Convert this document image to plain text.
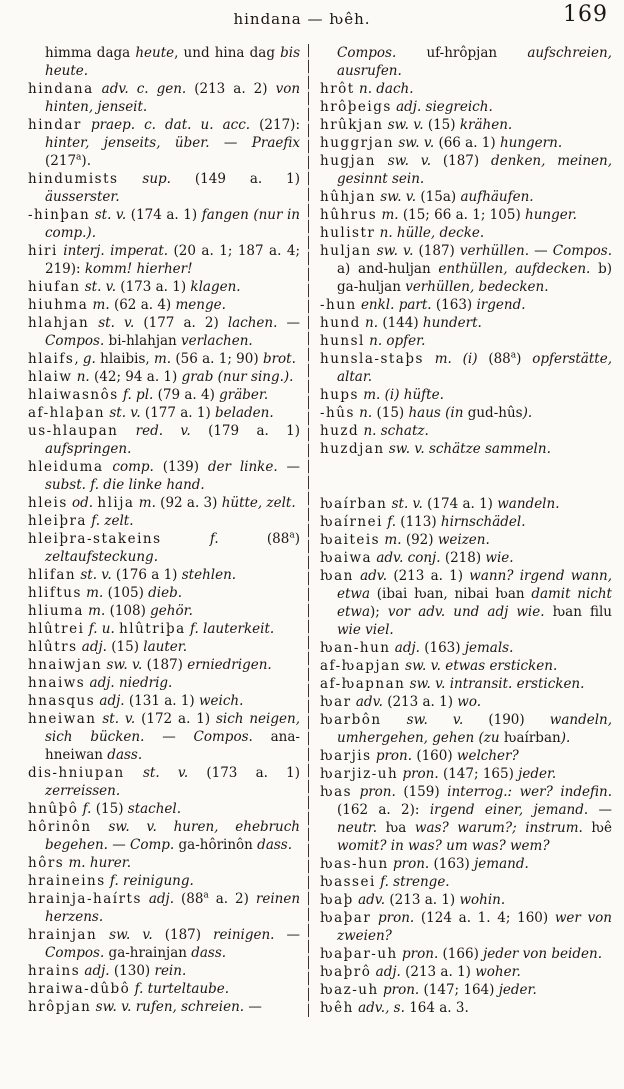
hindana — ƕêh.	169

himma daga heute, und hina dag bis heute.

hindana adv. c. gen. (213 a. 2) von hinten, jenseit.

hindar praep. c. dat. u. acc. (217): hinter, jenseits, über. — Praefix (217$^a$).

hindumists sup. (149 a. 1) äusserster.

-hinþan st. v. (174 a. 1) fangen (nur in comp.).

hiri interj. imperat. (20 a. 1; 187 a. 4; 219): komm! hierher!

hiufan st. v. (173 a. 1) klagen.

hiuhma m. (62 a. 4) menge.

hlahjan st. v. (177 a. 2) lachen. — Compos. bi-hlahjan verlachen.

hlaifs, g. hlaibis, m. (56 a. 1; 90) brot.

hlaiw n. (42; 94 a. 1) grab (nur sing.).

hlaiwasnôs f. pl. (79 a. 4) gräber.

af-hlaþan st. v. (177 a. 1) beladen.

us-hlaupan red. v. (179 a. 1) aufspringen.

hleiduma comp. (139) der linke. — subst. f. die linke hand.

hleis od. hlija m. (92 a. 3) hütte, zelt.

hleiþra f. zelt.

hleiþra-stakeins f. (88$^a$) zeltaufsteckung.

hlifan st. v. (176 a 1) stehlen.

hliftus m. (105) dieb.

hliuma m. (108) gehör.

hlûtrei f. u. hlûtriþa f. lauterkeit.

hlûtrs adj. (15) lauter.

hnaiwjan sw. v. (187) erniedrigen.

hnaiws adj. niedrig.

hnasqus adj. (131 a. 1) weich.

hneiwan st. v. (172 a. 1) sich neigen, sich bücken. — Compos. ana-hneiwan dass.

dis-hniupan st. v. (173 a. 1) zerreissen.

hnûþô f. (15) stachel.

hôrinôn sw. v. huren, ehebruch begehen. — Comp. ga-hôrinôn dass.

hôrs m. hurer.

hraineins f. reinigung.

hrainja-haírts adj. (88$^a$ a. 2) reinen herzens.

hrainjan sw. v. (187) reinigen. — Compos. ga-hrainjan dass.

hrains adj. (130) rein.

hraiwa-dûbô f. turteltaube.

hrôpjan sw. v. rufen, schreien. —

Compos. uf-hrôpjan aufschreien, ausrufen.

hrôt n. dach.

hrôþeigs adj. siegreich.

hrûkjan sw. v. (15) krähen.

huggrjan sw. v. (66 a. 1) hungern.

hugjan sw. v. (187) denken, meinen, gesinnt sein.

hûhjan sw. v. (15a) aufhäufen.

hûhrus m. (15; 66 a. 1; 105) hunger.

hulistr n. hülle, decke.

huljan sw. v. (187) verhüllen. — Compos. a) and-huljan enthüllen, aufdecken. b) ga-huljan verhüllen, bedecken.

-hun enkl. part. (163) irgend.

hund n. (144) hundert.

hunsl n. opfer.

hunsla-staþs m. (i) (88$^a$) opferstätte, altar.

hups m. (i) hüfte.

-hûs n. (15) haus (in gud-hûs).

huzd n. schatz.

huzdjan sw. v. schätze sammeln.

ƕaírban st. v. (174 a. 1) wandeln.

ƕaírnei f. (113) hirnschädel.

ƕaiteis m. (92) weizen.

ƕaiwa adv. conj. (218) wie.

ƕan adv. (213 a. 1) wann? irgend wann, etwa (ibai ƕan, nibai ƕan damit nicht etwa); vor adv. und adj wie. ƕan filu wie viel.

ƕan-hun adj. (163) jemals.

af-ƕapjan sw. v. etwas ersticken.

af-ƕapnan sw. v. intransit. ersticken.

ƕar adv. (213 a. 1) wo.

ƕarbôn sw. v. (190) wandeln, umhergehen, gehen (zu ƕaírban).

ƕarjis pron. (160) welcher?

ƕarjiz-uh pron. (147; 165) jeder.

ƕas pron. (159) interrog.: wer? indefin. (162 a. 2): irgend einer, jemand. — neutr. ƕa was? warum?; instrum. ƕê womit? in was? um was? wem?

ƕas-hun pron. (163) jemand.

ƕassei f. strenge.

ƕaþ adv. (213 a. 1) wohin.

ƕaþar pron. (124 a. 1. 4; 160) wer von zweien?

ƕaþar-uh pron. (166) jeder von beiden.

ƕaþrô adj. (213 a. 1) woher.

ƕaz-uh pron. (147; 164) jeder.

ƕêh adv., s. 164 a. 3.
